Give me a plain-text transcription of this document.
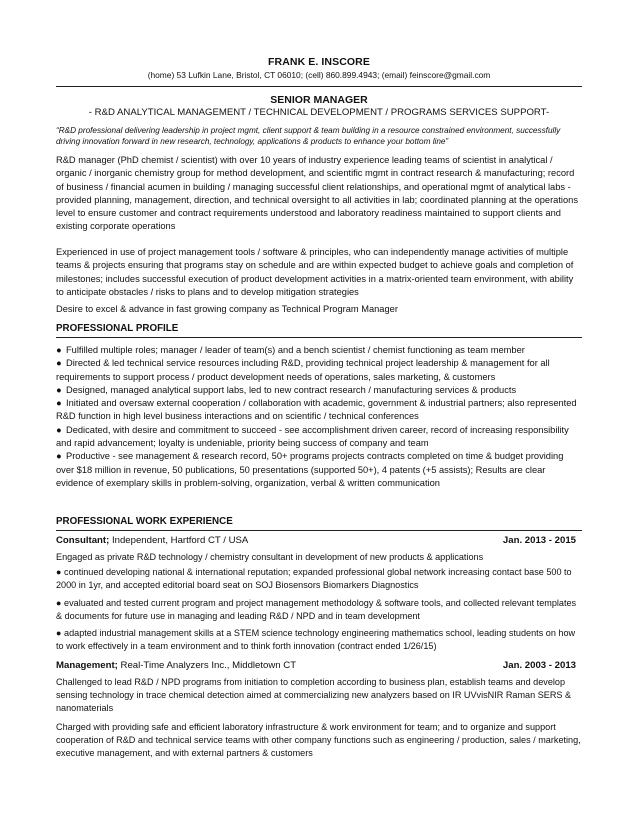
FRANK E. INSCORE
(home) 53 Lufkin Lane, Bristol, CT 06010; (cell) 860.899.4943; (email) feinscore@gmail.com
SENIOR MANAGER
- R&D ANALYTICAL MANAGEMENT / TECHNICAL DEVELOPMENT / PROGRAMS SERVICES SUPPORT-
“R&D professional delivering leadership in project mgmt, client support & team building in a resource constrained environment, successfully driving innovation forward in new research, technology, applications & products to enhance your bottom line”
R&D manager (PhD chemist / scientist) with over 10 years of industry experience leading teams of scientist in analytical / organic / inorganic chemistry group for method development, and scientific mgmt in contract research & manufacturing; record of business / financial acumen in building / managing successful client relationships, and operational mgmt of analytical labs - provided planning, management, direction, and technical oversight to all activities in lab; coordinated planning at the operations level to ensure customer and contract requirements understood and laboratory readiness maintained to support clients and existing corporate operations
Experienced in use of project management tools / software & principles, who can independently manage activities of multiple teams & projects ensuring that programs stay on schedule and are within expected budget to achieve goals and completion of milestones; includes successful execution of product development activities in a matrix-oriented team environment, with ability to anticipate obstacles / risks to plans and to develop mitigation strategies
Desire to excel & advance in fast growing company as Technical Program Manager
PROFESSIONAL PROFILE
● Fulfilled multiple roles; manager / leader of team(s) and a bench scientist / chemist functioning as team member
● Directed & led technical service resources including R&D, providing technical project leadership & management for all requirements to support process / product development needs of operations, sales marketing, & customers
● Designed, managed analytical support labs, led to new contract research / manufacturing services & products
● Initiated and oversaw external cooperation / collaboration with academic, government & industrial partners; also represented R&D function in high level business interactions and on scientific / technical conferences
● Dedicated, with desire and commitment to succeed - see accomplishment driven career, record of increasing responsibility and rapid advancement; loyalty is undeniable, priority being success of company and team
● Productive - see management & research record, 50+ programs projects contracts completed on time & budget providing over $18 million in revenue, 50 publications, 50 presentations (supported 50+), 4 patents (+5 assists); Results are clear evidence of exemplary skills in problem-solving, organization, verbal & written communication
PROFESSIONAL WORK EXPERIENCE
Consultant; Independent, Hartford CT / USA	Jan. 2013 - 2015
Engaged as private R&D technology / chemistry consultant in development of new products & applications
● continued developing national & international reputation; expanded professional global network increasing contact base 500 to 2000 in 1yr, and accepted editorial board seat on SOJ Biosensors Biomarkers Diagnostics
● evaluated and tested current program and project management methodology & software tools, and collected relevant templates & documents for future use in managing and leading R&D / NPD and in team development
● adapted industrial management skills at a STEM science technology engineering mathematics school, leading students on how to work effectively in a team environment and to think forth innovation (contract ended 1/26/15)
Management; Real-Time Analyzers Inc., Middletown CT	Jan. 2003 - 2013
Challenged to lead R&D / NPD programs from initiation to completion according to business plan, establish teams and develop sensing technology in trace chemical detection aimed at commercializing new analyzers based on IR UVvisNIR Raman SERS & nanomaterials
Charged with providing safe and efficient laboratory infrastructure & work environment for team; and to organize and support cooperation of R&D and technical service teams with other company functions such as engineering / production, sales / marketing, executive management, and with external partners & customers
